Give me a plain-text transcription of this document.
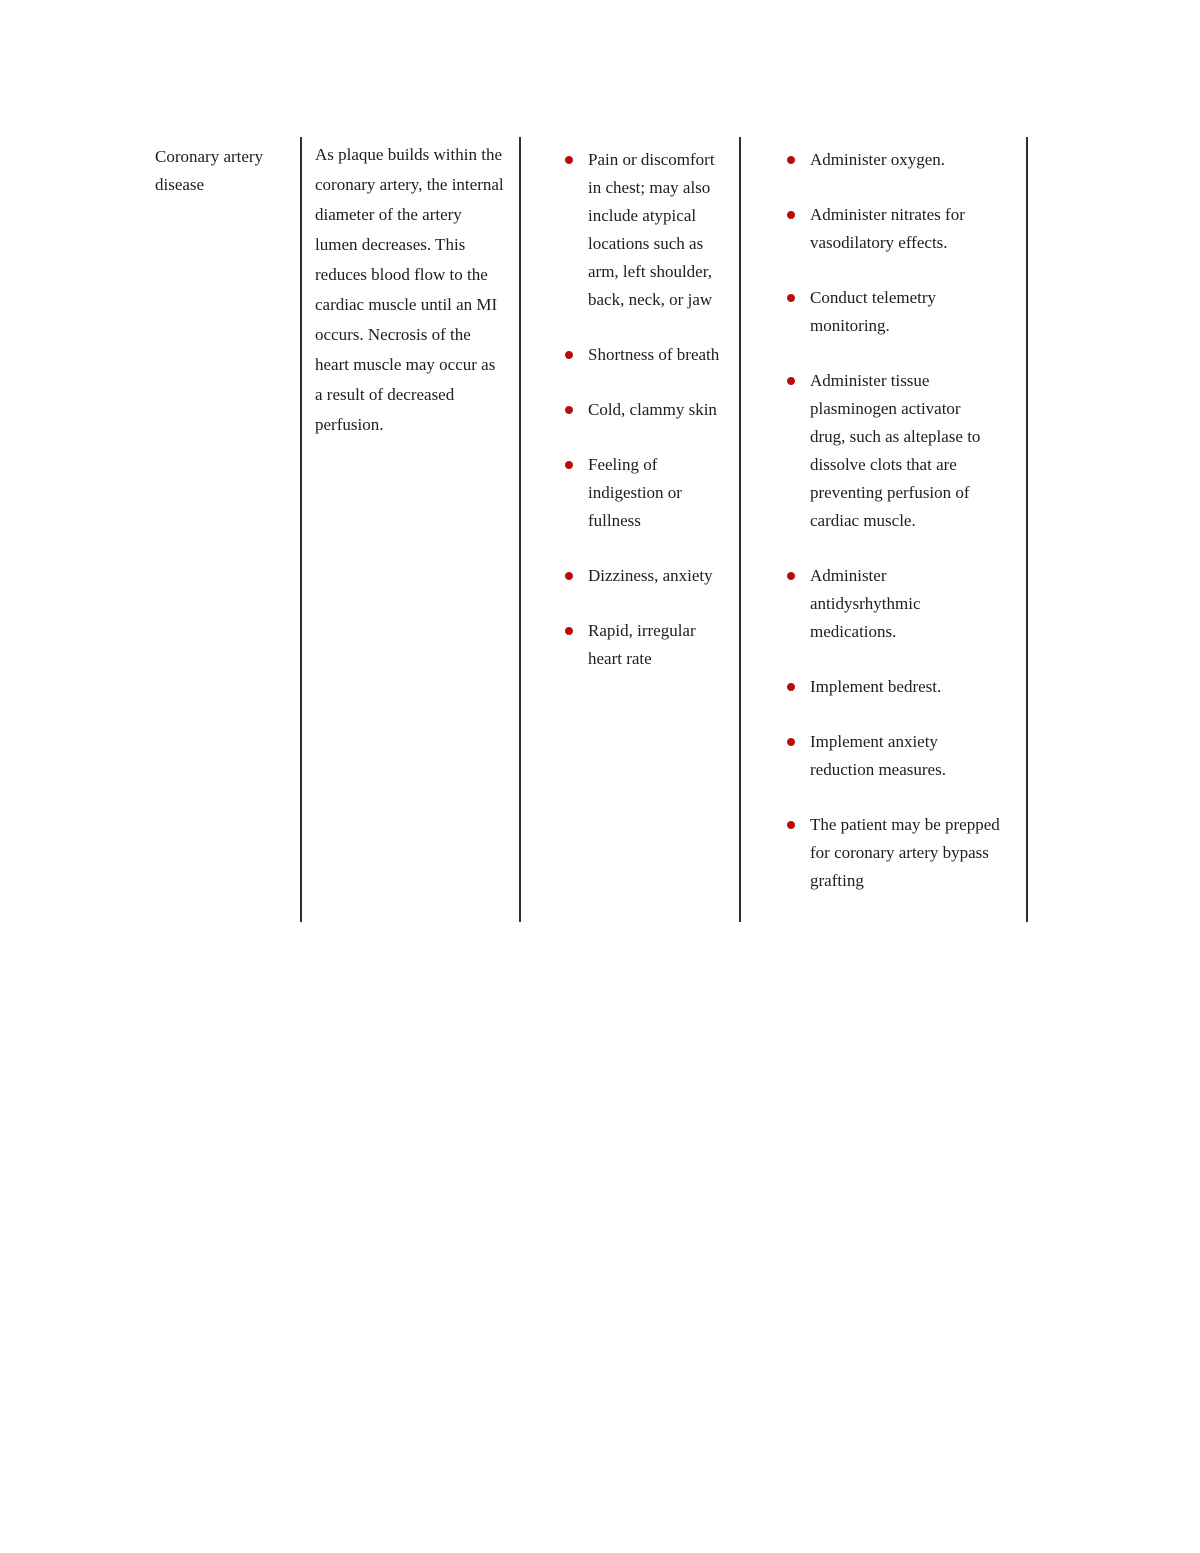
Coronary artery disease
As plaque builds within the coronary artery, the internal diameter of the artery lumen decreases. This reduces blood flow to the cardiac muscle until an MI occurs. Necrosis of the heart muscle may occur as a result of decreased perfusion.
Pain or discomfort in chest; may also include atypical locations such as arm, left shoulder, back, neck, or jaw
Shortness of breath
Cold, clammy skin
Feeling of indigestion or fullness
Dizziness, anxiety
Rapid, irregular heart rate
Administer oxygen.
Administer nitrates for vasodilatory effects.
Conduct telemetry monitoring.
Administer tissue plasminogen activator drug, such as alteplase to dissolve clots that are preventing perfusion of cardiac muscle.
Administer antidysrhythmic medications.
Implement bedrest.
Implement anxiety reduction measures.
The patient may be prepped for coronary artery bypass grafting
